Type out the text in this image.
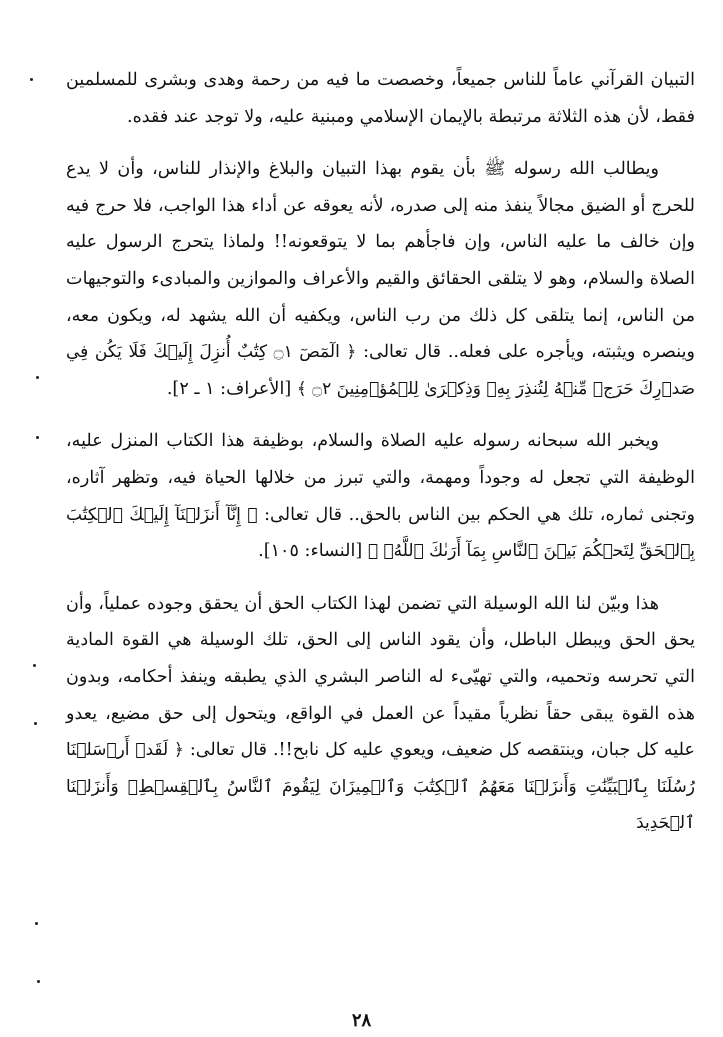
التبيان القرآني عاماً للناس جميعاً، وخصصت ما فيه من رحمة وهدى وبشرى للمسلمين فقط، لأن هذه الثلاثة مرتبطة بالإيمان الإسلامي ومبنية عليه، ولا توجد عند فقده.

ويطالب الله رسوله ﷺ بأن يقوم بهذا التبيان والبلاغ والإنذار للناس، وأن لا يدع للحرج أو الضيق مجالاً ينفذ منه إلى صدره، لأنه يعوقه عن أداء هذا الواجب، فلا حرج فيه وإن خالف ما عليه الناس، وإن فاجأهم بما لا يتوقعونه!! ولماذا يتحرج الرسول عليه الصلاة والسلام، وهو لا يتلقى الحقائق والقيم والأعراف والموازين والمبادىء والتوجيهات من الناس، إنما يتلقى كل ذلك من رب الناس، ويكفيه أن الله يشهد له، ويكون معه، وينصره ويثبته، ويأجره على فعله.. قال تعالى: ﴿ الٓمٓصٓ ۝١ كِتَٰبٌ أُنزِلَ إِلَيۡكَ فَلَا يَكُن فِي صَدۡرِكَ حَرَجٞ مِّنۡهُ لِتُنذِرَ بِهِۦ وَذِكۡرَىٰ لِلۡمُؤۡمِنِينَ ۝٢ ﴾ [الأعراف: ١ ـ ٢].

ويخبر الله سبحانه رسوله عليه الصلاة والسلام، بوظيفة هذا الكتاب المنزل عليه، الوظيفة التي تجعل له وجوداً ومهمة، والتي تبرز من خلالها الحياة فيه، وتظهر آثاره، وتجنى ثماره، تلك هي الحكم بين الناس بالحق.. قال تعالى: ﴿ إِنَّآ أَنزَلۡنَآ إِلَيۡكَ ٱلۡكِتَٰبَ بِٱلۡحَقِّ لِتَحۡكُمَ بَيۡنَ ٱلنَّاسِ بِمَآ أَرَىٰكَ ٱللَّهُۚ ﴾ [النساء: ١٠٥].

هذا وبيّن لنا الله الوسيلة التي تضمن لهذا الكتاب الحق أن يحقق وجوده عملياً، وأن يحق الحق ويبطل الباطل، وأن يقود الناس إلى الحق، تلك الوسيلة هي القوة المادية التي تحرسه وتحميه، والتي تهيّىء له الناصر البشري الذي يطبقه وينفذ أحكامه، وبدون هذه القوة يبقى حقاً نظرياً مقيداً عن العمل في الواقع، ويتحول إلى حق مضيع، يعدو عليه كل جبان، وينتقصه كل ضعيف، ويعوي عليه كل نابح!!. قال تعالى: ﴿ لَقَدۡ أَرۡسَلۡنَا رُسُلَنَا بِٱلۡبَيِّنَٰتِ وَأَنزَلۡنَا مَعَهُمُ ٱلۡكِتَٰبَ وَٱلۡمِيزَانَ لِيَقُومَ ٱلنَّاسُ بِٱلۡقِسۡطِۖ وَأَنزَلۡنَا ٱلۡحَدِيدَ

٢٨
